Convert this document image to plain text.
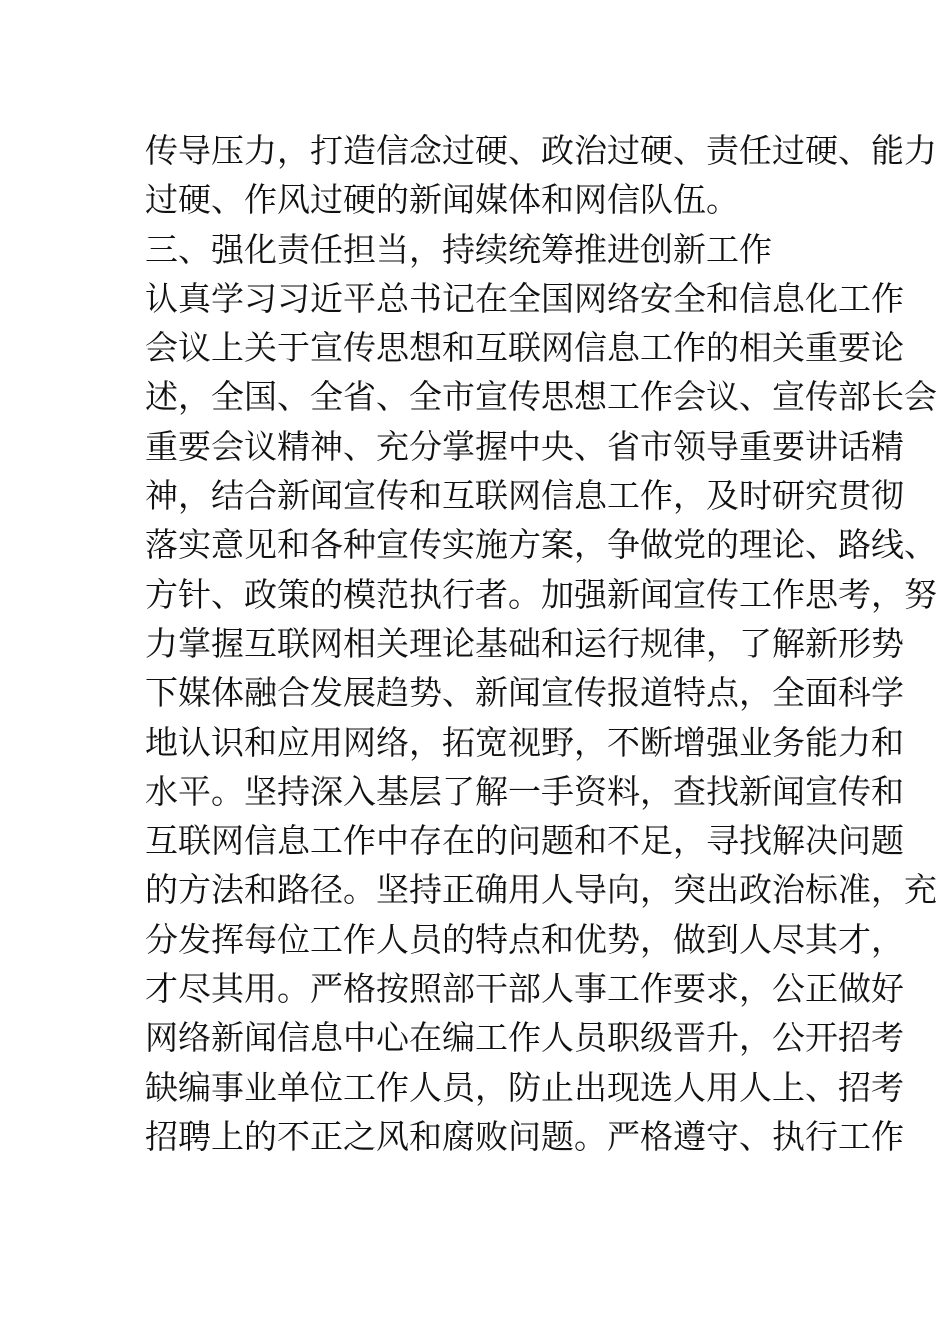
传导压力，打造信念过硬、政治过硬、责任过硬、能力
过硬、作风过硬的新闻媒体和网信队伍。
三、强化责任担当，持续统筹推进创新工作
认真学习习近平总书记在全国网络安全和信息化工作
会议上关于宣传思想和互联网信息工作的相关重要论
述，全国、全省、全市宣传思想工作会议、宣传部长会
重要会议精神、充分掌握中央、省市领导重要讲话精
神，结合新闻宣传和互联网信息工作，及时研究贯彻
落实意见和各种宣传实施方案，争做党的理论、路线、
方针、政策的模范执行者。加强新闻宣传工作思考，努
力掌握互联网相关理论基础和运行规律，了解新形势
下媒体融合发展趋势、新闻宣传报道特点，全面科学
地认识和应用网络，拓宽视野，不断增强业务能力和
水平。坚持深入基层了解一手资料，查找新闻宣传和
互联网信息工作中存在的问题和不足，寻找解决问题
的方法和路径。坚持正确用人导向，突出政治标准，充
分发挥每位工作人员的特点和优势，做到人尽其才，
才尽其用。严格按照部干部人事工作要求，公正做好
网络新闻信息中心在编工作人员职级晋升，公开招考
缺编事业单位工作人员，防止出现选人用人上、招考
招聘上的不正之风和腐败问题。严格遵守、执行工作
